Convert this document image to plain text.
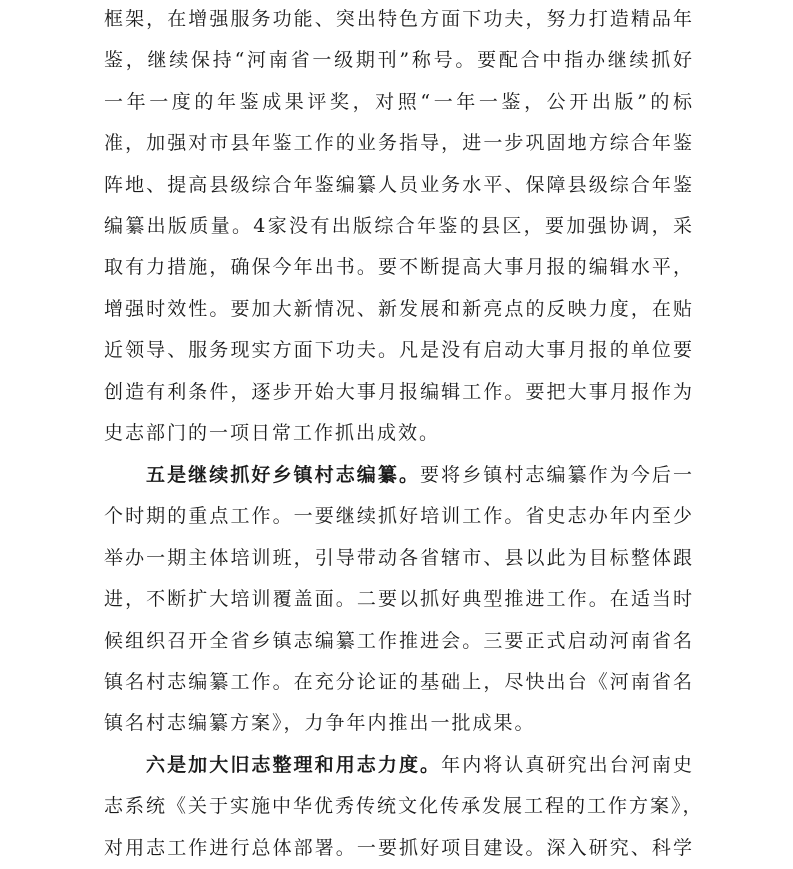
框架，在增强服务功能、突出特色方面下功夫，努力打造精品年
鉴，继续保持“河南省一级期刊”称号。要配合中指办继续抓好
一年一度的年鉴成果评奖，对照“一年一鉴，公开出版”的标
准，加强对市县年鉴工作的业务指导，进一步巩固地方综合年鉴
阵地、提高县级综合年鉴编纂人员业务水平、保障县级综合年鉴
编纂出版质量。4家没有出版综合年鉴的县区，要加强协调，采
取有力措施，确保今年出书。要不断提高大事月报的编辑水平，
增强时效性。要加大新情况、新发展和新亮点的反映力度，在贴
近领导、服务现实方面下功夫。凡是没有启动大事月报的单位要
创造有利条件，逐步开始大事月报编辑工作。要把大事月报作为
史志部门的一项日常工作抓出成效。
五是继续抓好乡镇村志编纂。要将乡镇村志编纂作为今后一
个时期的重点工作。一要继续抓好培训工作。省史志办年内至少
举办一期主体培训班，引导带动各省辖市、县以此为目标整体跟
进，不断扩大培训覆盖面。二要以抓好典型推进工作。在适当时
候组织召开全省乡镇志编纂工作推进会。三要正式启动河南省名
镇名村志编纂工作。在充分论证的基础上，尽快出台《河南省名
镇名村志编纂方案》，力争年内推出一批成果。
六是加大旧志整理和用志力度。年内将认真研究出台河南史
志系统《关于实施中华优秀传统文化传承发展工程的工作方案》，
对用志工作进行总体部署。一要抓好项目建设。深入研究、科学
